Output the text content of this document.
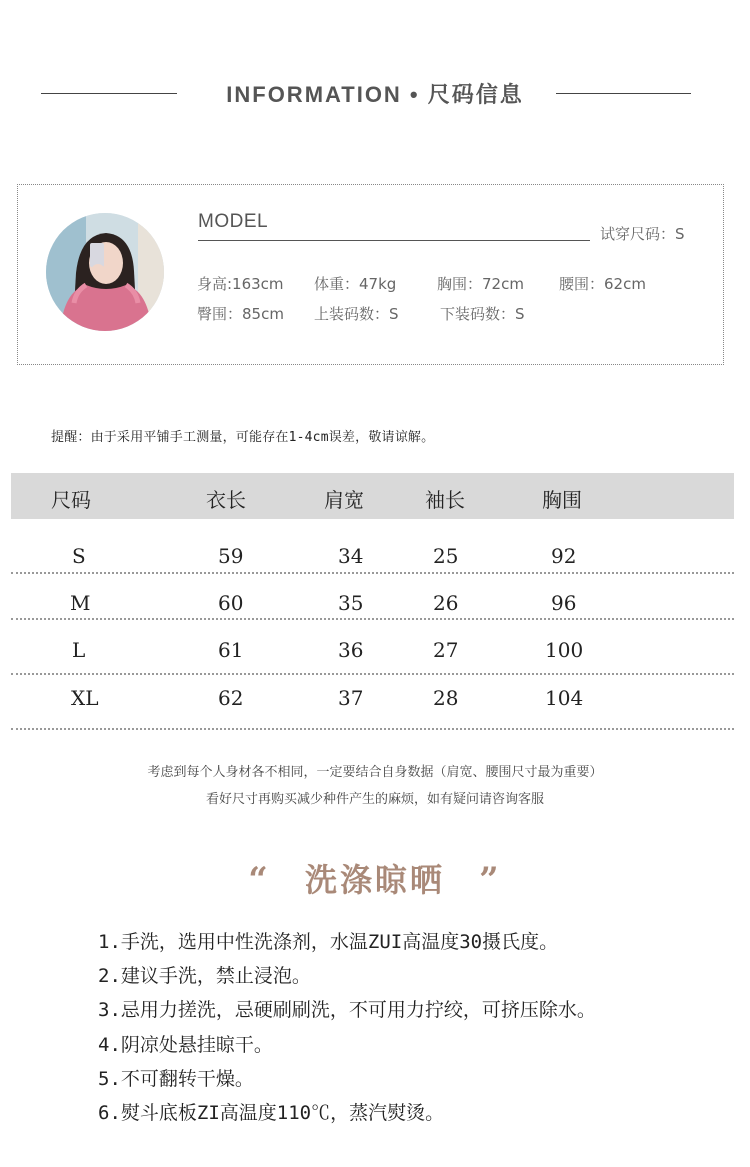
INFORMATION • 尺码信息
MODEL
试穿尺码：S
身高:163cm 体重：47kg	胸围：72cm 腰围：62cm
臀围：85cm 上装码数：S	下装码数：S
提醒：由于采用平铺手工测量，可能存在1-4cm误差，敬请谅解。
尺码	衣长	肩宽	袖长	胸围
S	59	34	25	92
M	60	35	26	96
L	61	36	27	100
XL	62	37	28	104
考虑到每个人身材各不相同，一定要结合自身数据（肩宽、腰围尺寸最为重要）
看好尺寸再购买减少种件产生的麻烦，如有疑问请咨询客服
“ 洗涤晾晒 ”
1.手洗，选用中性洗涤剂，水温ZUI高温度30摄氏度。
2.建议手洗，禁止浸泡。
3.忌用力搓洗，忌硬刷刷洗，不可用力拧绞，可挤压除水。
4.阴凉处悬挂晾干。
5.不可翻转干燥。
6.熨斗底板ZI高温度110℃，蒸汽熨烫。
